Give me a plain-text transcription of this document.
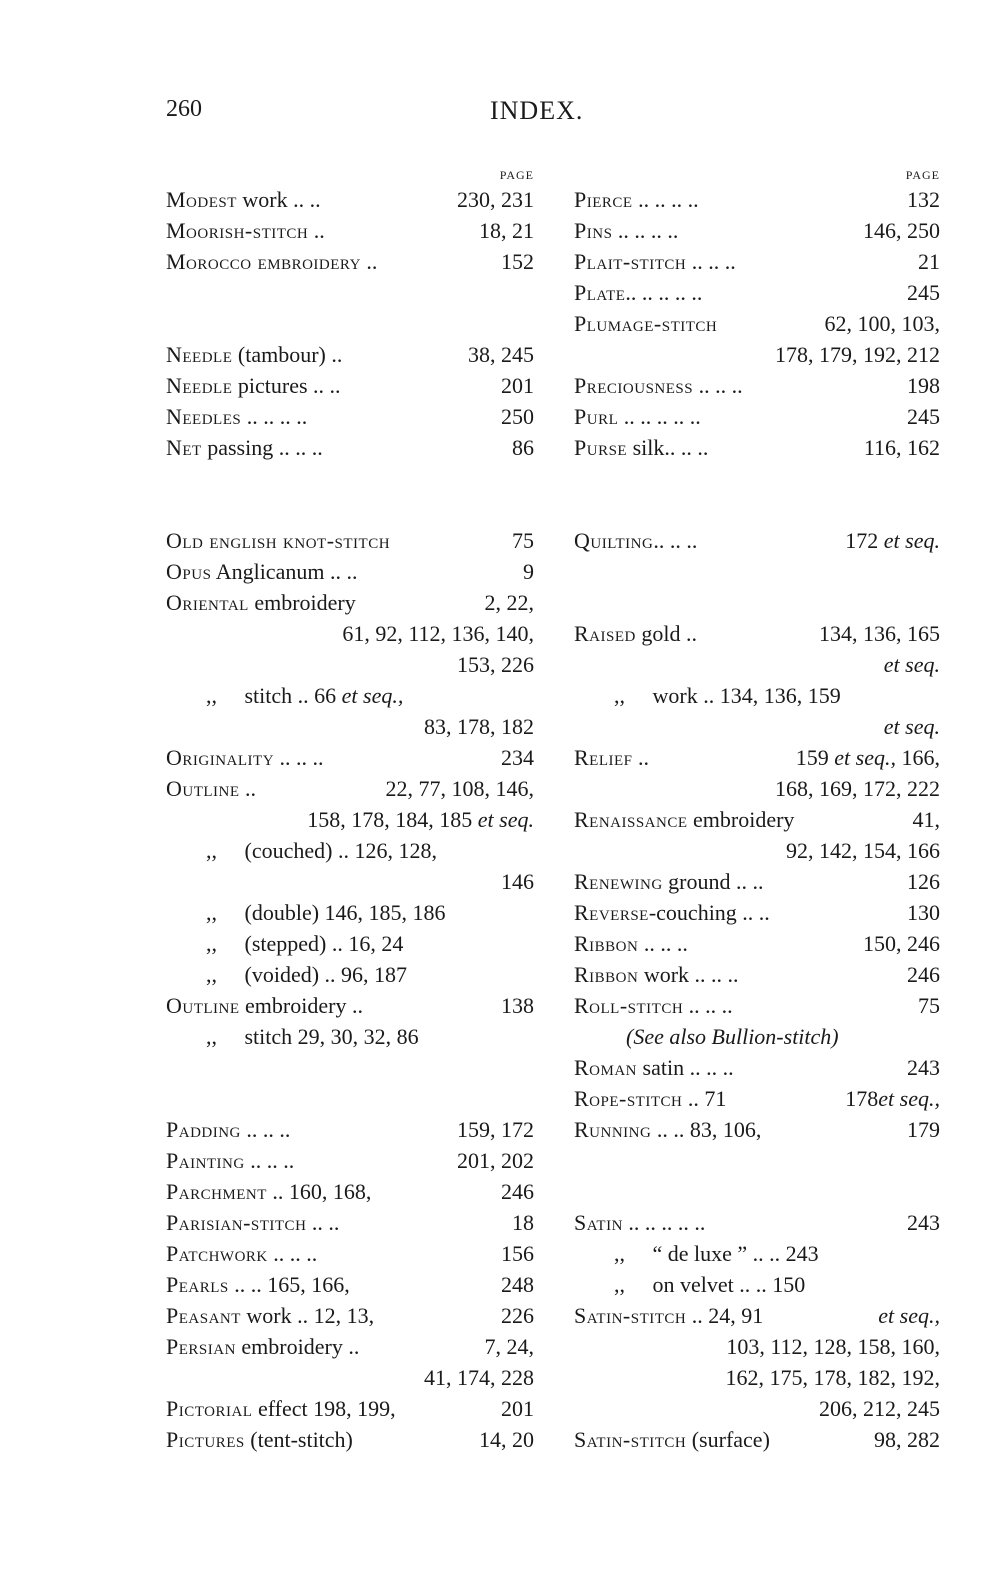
260	INDEX.
PAGE
Modest work .. ..	230, 231
Moorish-stitch ..	18, 21
Morocco embroidery ..	152
Needle (tambour) ..	38, 245
Needle pictures .. ..	201
Needles .. .. .. ..	250
Net passing .. .. ..	86
Old english knot-stitch	75
Opus Anglicanum .. ..	9
Oriental embroidery	2, 22,
61, 92, 112, 136, 140,
153, 226
,, stitch .. 66 et seq.,
83, 178, 182
Originality .. .. ..	234
Outline ..	22, 77, 108, 146,
158, 178, 184, 185 et seq.
,, (couched) .. 126, 128,
146
,, (double) 146, 185, 186
,, (stepped) .. 16, 24
,, (voided) .. 96, 187
Outline embroidery ..	138
,, stitch 29, 30, 32, 86
Padding .. .. ..	159, 172
Painting .. .. ..	201, 202
Parchment .. 160, 168,	246
Parisian-stitch .. ..	18
Patchwork .. .. ..	156
Pearls .. .. 165, 166,	248
Peasant work .. 12, 13,	226
Persian embroidery ..	7, 24,
41, 174, 228
Pictorial effect 198, 199,	201
Pictures (tent-stitch)	14, 20
PAGE
Pierce .. .. .. ..	132
Pins .. .. .. ..	146, 250
Plait-stitch .. .. ..	21
Plate.. .. .. .. ..	245
Plumage-stitch	62, 100, 103,
178, 179, 192, 212
Preciousness .. .. ..	198
Purl .. .. .. .. ..	245
Purse silk.. .. ..	116, 162
Quilting.. .. ..	172 et seq.
Raised gold ..	134, 136, 165
et seq.
,, work .. 134, 136, 159
et seq.
Relief ..	159 et seq., 166,
168, 169, 172, 222
Renaissance embroidery	41,
92, 142, 154, 166
Renewing ground .. ..	126
Reverse-couching .. ..	130
Ribbon .. .. ..	150, 246
Ribbon work .. .. ..	246
Roll-stitch .. .. ..	75
(See also Bullion-stitch)
Roman satin .. .. ..	243
Rope-stitch .. 71	178et seq.,
Running .. .. 83, 106,	179
Satin .. .. .. .. ..	243
,, “ de luxe ” .. .. 243
,, on velvet .. .. 150
Satin-stitch .. 24, 91	et seq.,
103, 112, 128, 158, 160,
162, 175, 178, 182, 192,
206, 212, 245
Satin-stitch (surface)	98, 282
